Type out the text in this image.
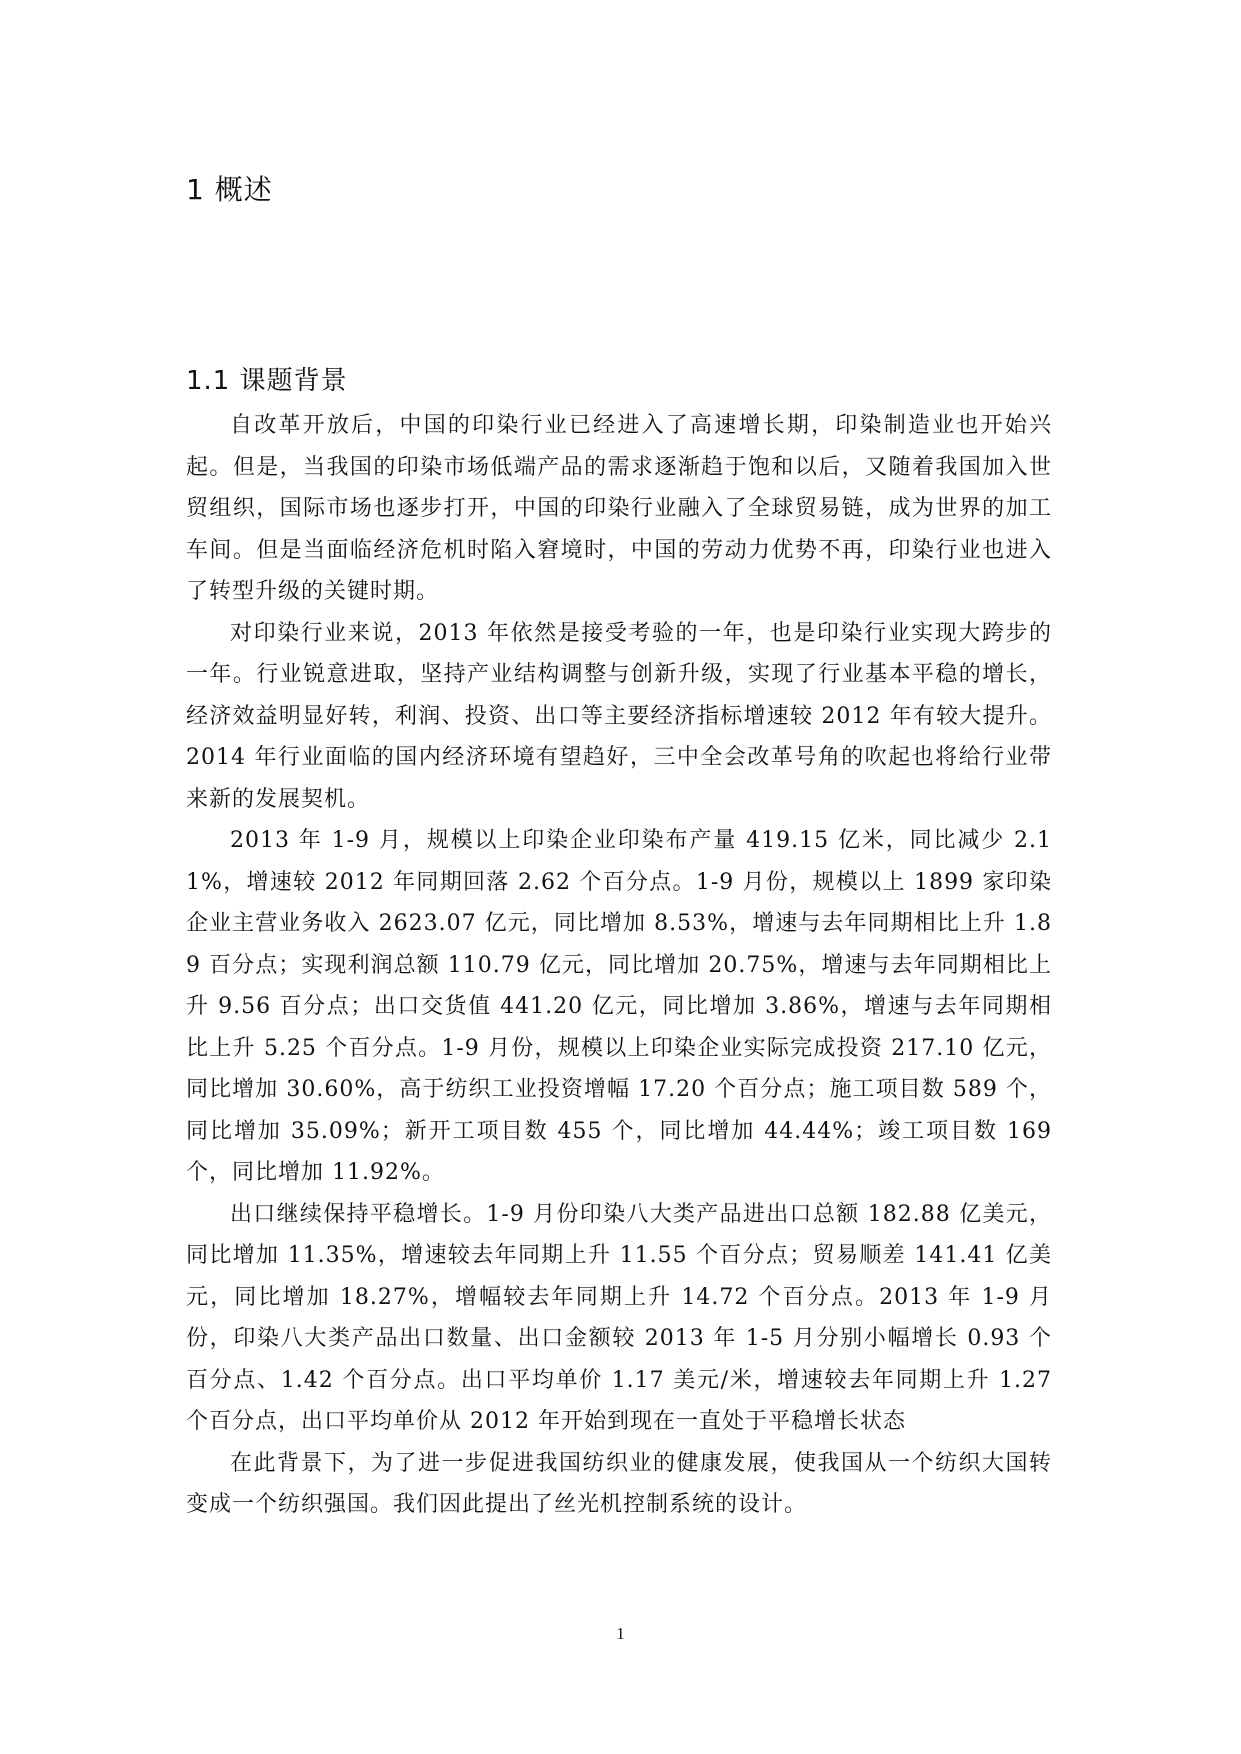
1 概述
1.1 课题背景

自改革开放后，中国的印染行业已经进入了高速增长期，印染制造业也开始兴起。但是，当我国的印染市场低端产品的需求逐渐趋于饱和以后，又随着我国加入世贸组织，国际市场也逐步打开，中国的印染行业融入了全球贸易链，成为世界的加工车间。但是当面临经济危机时陷入窘境时，中国的劳动力优势不再，印染行业也进入了转型升级的关键时期。

对印染行业来说，2013 年依然是接受考验的一年，也是印染行业实现大跨步的一年。行业锐意进取，坚持产业结构调整与创新升级，实现了行业基本平稳的增长，经济效益明显好转，利润、投资、出口等主要经济指标增速较 2012 年有较大提升。2014 年行业面临的国内经济环境有望趋好，三中全会改革号角的吹起也将给行业带来新的发展契机。

2013 年 1-9 月，规模以上印染企业印染布产量 419.15 亿米，同比减少 2.11%，增速较 2012 年同期回落 2.62 个百分点。1-9 月份，规模以上 1899 家印染企业主营业务收入 2623.07 亿元，同比增加 8.53%，增速与去年同期相比上升 1.89 百分点；实现利润总额 110.79 亿元，同比增加 20.75%，增速与去年同期相比上升 9.56 百分点；出口交货值 441.20 亿元，同比增加 3.86%，增速与去年同期相比上升 5.25 个百分点。1-9 月份，规模以上印染企业实际完成投资 217.10 亿元，同比增加 30.60%，高于纺织工业投资增幅 17.20 个百分点；施工项目数 589 个，同比增加 35.09%；新开工项目数 455 个，同比增加 44.44%；竣工项目数 169 个，同比增加 11.92%。

出口继续保持平稳增长。1-9 月份印染八大类产品进出口总额 182.88 亿美元，同比增加 11.35%，增速较去年同期上升 11.55 个百分点；贸易顺差 141.41 亿美元，同比增加 18.27%，增幅较去年同期上升 14.72 个百分点。2013 年 1-9 月份，印染八大类产品出口数量、出口金额较 2013 年 1-5 月分别小幅增长 0.93 个百分点、1.42 个百分点。出口平均单价 1.17 美元/米，增速较去年同期上升 1.27 个百分点，出口平均单价从 2012 年开始到现在一直处于平稳增长状态

在此背景下，为了进一步促进我国纺织业的健康发展，使我国从一个纺织大国转变成一个纺织强国。我们因此提出了丝光机控制系统的设计。

1
